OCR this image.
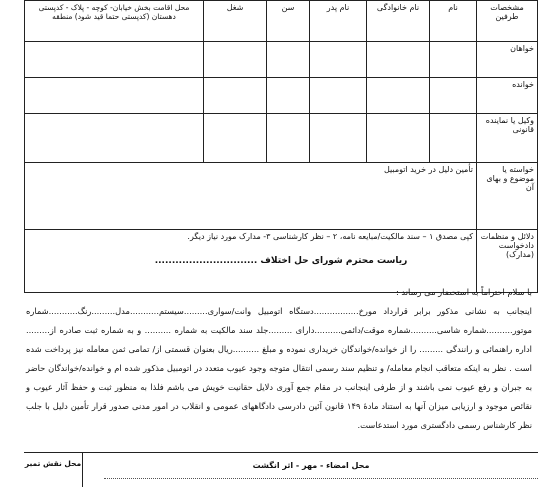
مشخصات طرفین	نام	نام خانوادگی	نام پدر	سن	شغل	محل اقامت بخش خیابان- کوچه - پلاک - کدپستی دهستان (کدپستی حتما قید شود) منطقه
خواهان						
خوانده						
وکیل یا نماینده قانونی						
خواسته یا موضوع و بهای آن	تأمین دلیل در خرید اتومبیل					
دلائل و منظمات دادخواست (مدارک)	کپی مصدق ۱ – سند مالکیت/مبایعه نامه، ۲ – نظر کارشناسی ۳- مدارک مورد نیاز دیگر.					
ریاست محترم شورای حل اختلاف ..............................

با سلام احتراماً به استحضار می رساند :

اینجانب به نشانی مذکور برابر قرارداد مورخ.................دستگاه اتومبیل وانت/سواری.........سیستم...........مدل.........رنگ...........شماره موتور..........شماره شاسی..........شماره موقت/دائمی..........دارای .........جلد سند مالکیت به شماره .......... و به شماره ثبت صادره از......... اداره راهنمائی و رانندگی ......... را از خوانده/خواندگان خریداری نموده و مبلغ ..........ریال بعنوان قسمتی از/ تمامی ثمن معامله نیز پرداخت شده است . نظر به اینکه متعاقب انجام معامله/ و تنظیم سند رسمی انتقال متوجه وجود عیوب متعدد در اتومبیل مذکور شده ام و خوانده/خواندگان حاضر به جبران و رفع عیوب نمی باشند و از طرفی اینجانب در مقام جمع آوری دلایل حقانیت خویش می باشم فلذا به منظور ثبت و حفظ آثار عیوب و نقائص موجود و ارزیابی میزان آنها به استناد مادهٔ ۱۴۹ قانون آئین دادرسی دادگاههای عمومی و انقلاب در امور مدنی صدور قرار تأمین دلیل با جلب نظر کارشناس رسمی دادگستری مورد استدعاست.

محل نقش تمبر	محل امضاء - مهر - اثر انگشت
